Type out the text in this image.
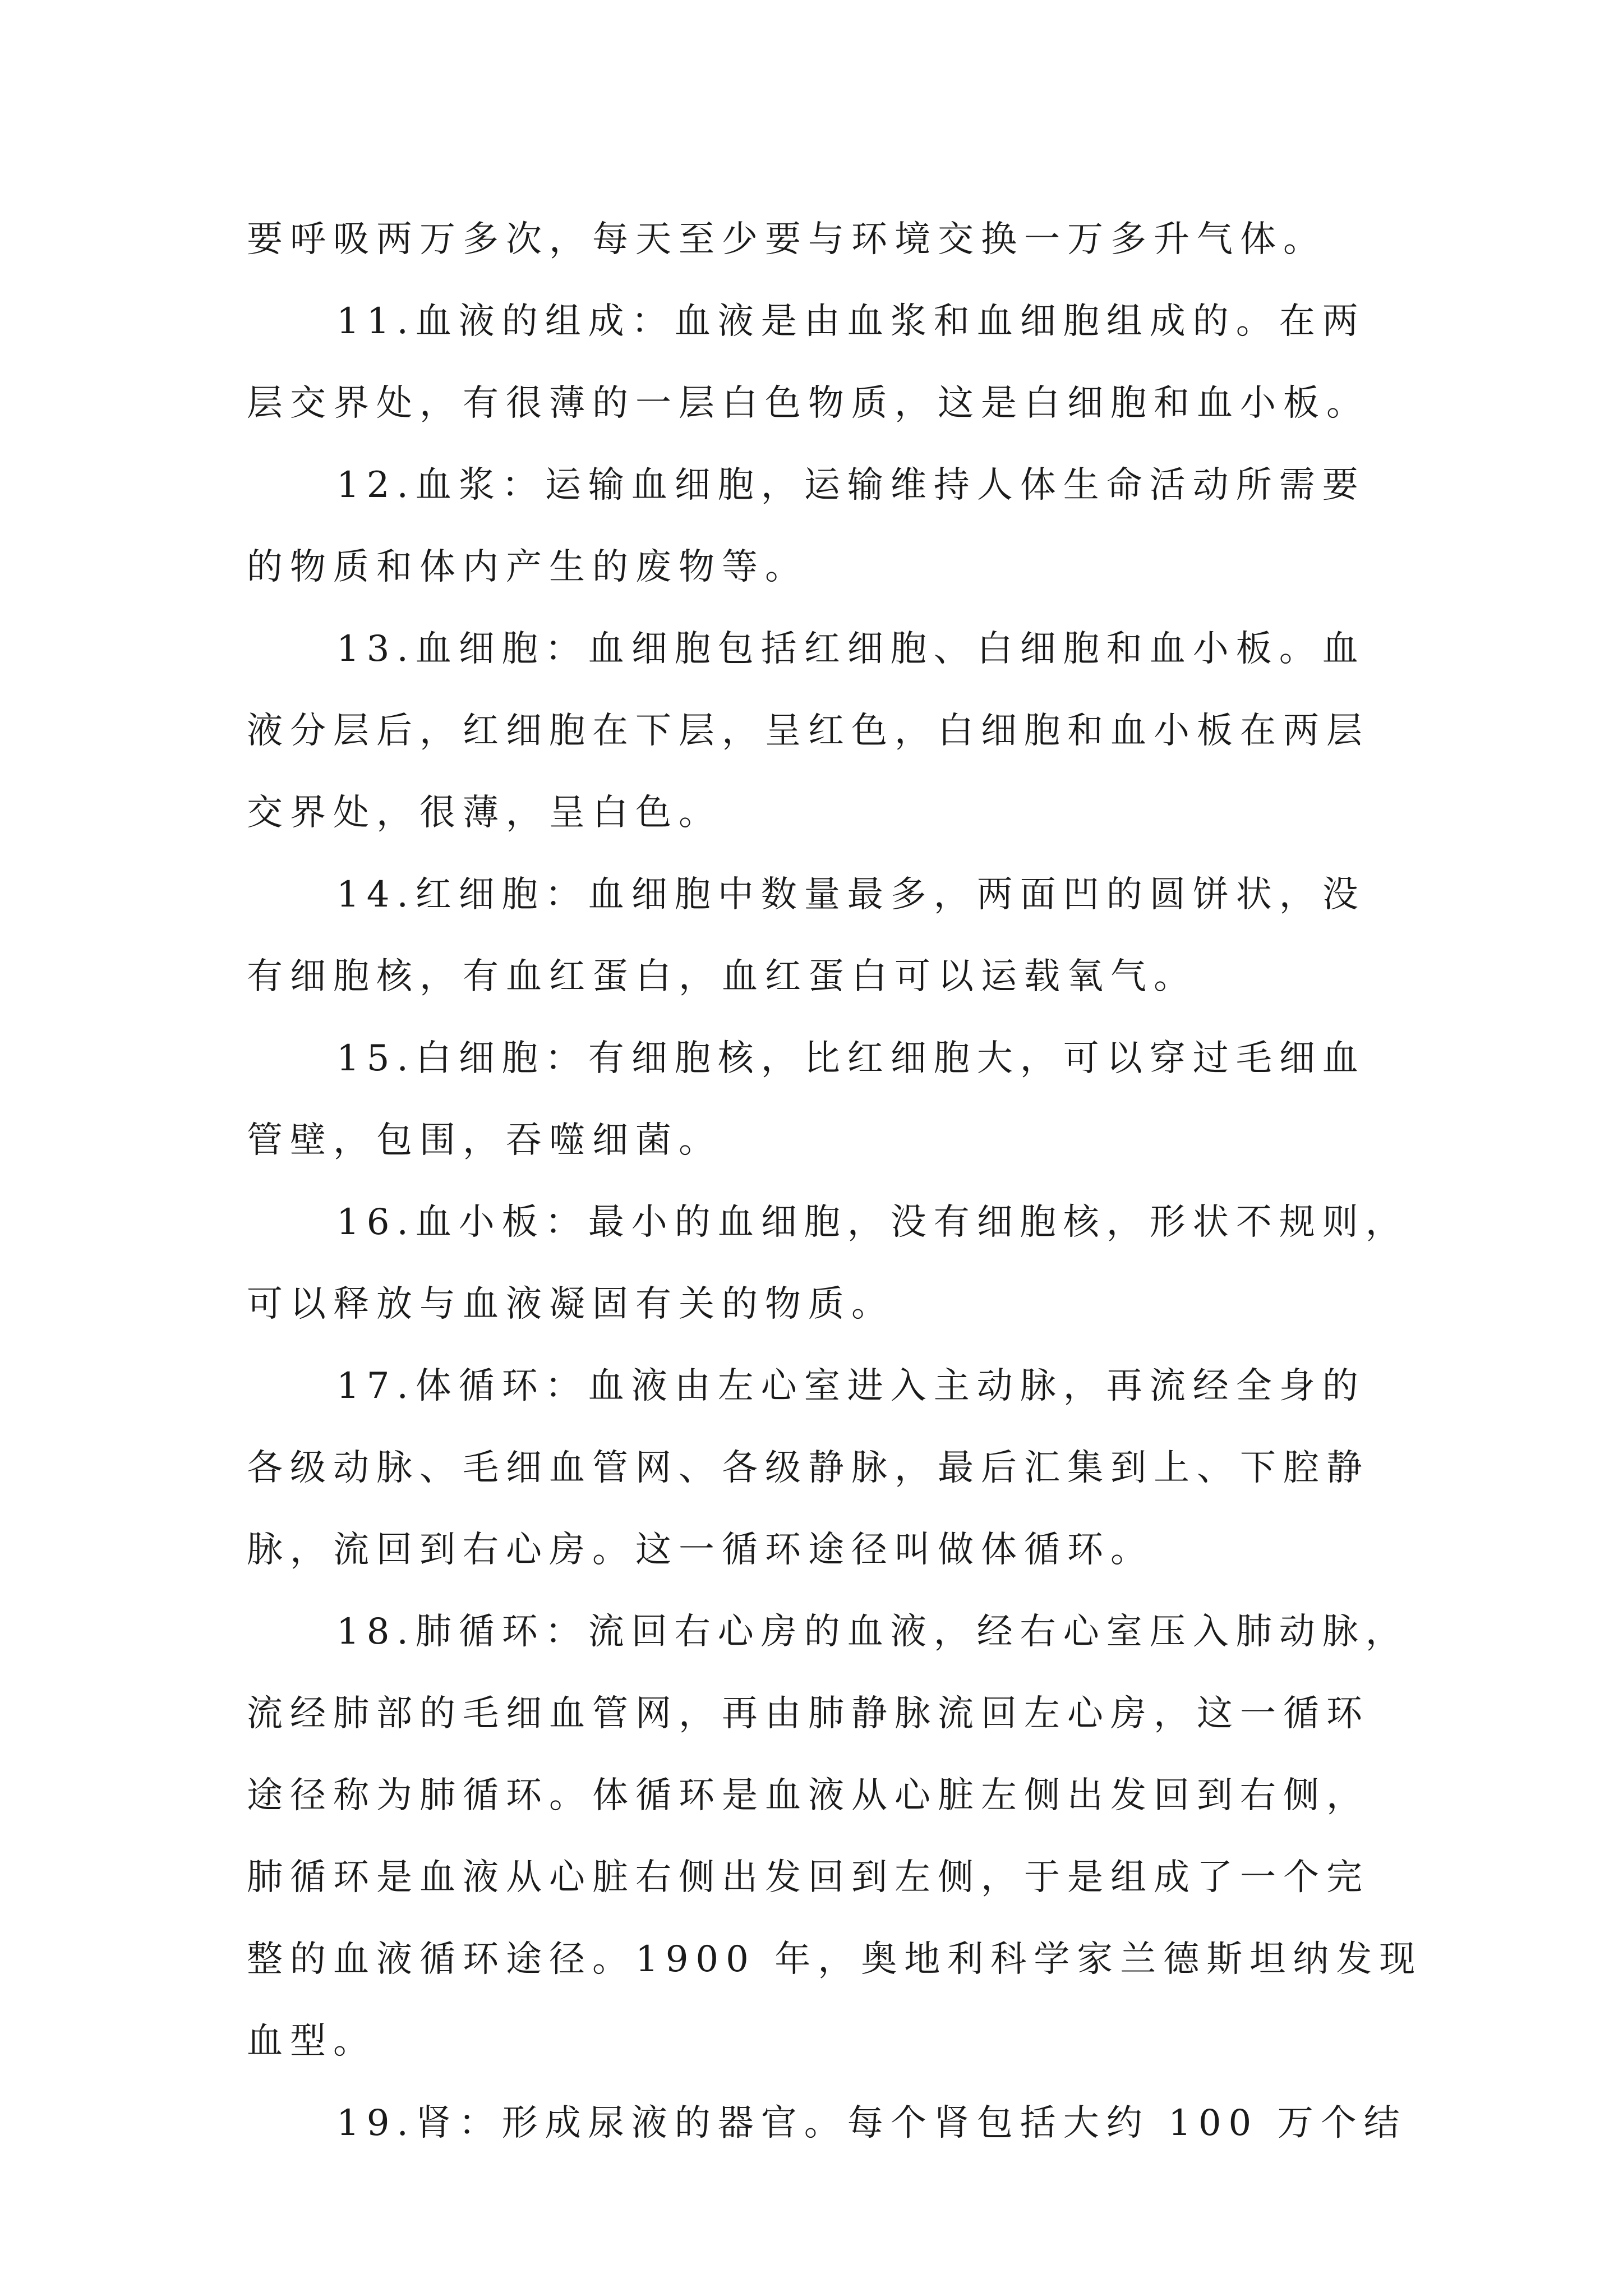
要呼吸两万多次，每天至少要与环境交换一万多升气体。
11.血液的组成：血液是由血浆和血细胞组成的。在两
层交界处，有很薄的一层白色物质，这是白细胞和血小板。
12.血浆：运输血细胞，运输维持人体生命活动所需要
的物质和体内产生的废物等。
13.血细胞：血细胞包括红细胞、白细胞和血小板。血
液分层后，红细胞在下层，呈红色，白细胞和血小板在两层
交界处，很薄，呈白色。
14.红细胞：血细胞中数量最多，两面凹的圆饼状，没
有细胞核，有血红蛋白，血红蛋白可以运载氧气。
15.白细胞：有细胞核，比红细胞大，可以穿过毛细血
管壁，包围，吞噬细菌。
16.血小板：最小的血细胞，没有细胞核，形状不规则，
可以释放与血液凝固有关的物质。
17.体循环：血液由左心室进入主动脉，再流经全身的
各级动脉、毛细血管网、各级静脉，最后汇集到上、下腔静
脉，流回到右心房。这一循环途径叫做体循环。
18.肺循环：流回右心房的血液，经右心室压入肺动脉，
流经肺部的毛细血管网，再由肺静脉流回左心房，这一循环
途径称为肺循环。体循环是血液从心脏左侧出发回到右侧，
肺循环是血液从心脏右侧出发回到左侧，于是组成了一个完
整的血液循环途径。1900 年，奥地利科学家兰德斯坦纳发现
血型。
19.肾：形成尿液的器官。每个肾包括大约 100 万个结
